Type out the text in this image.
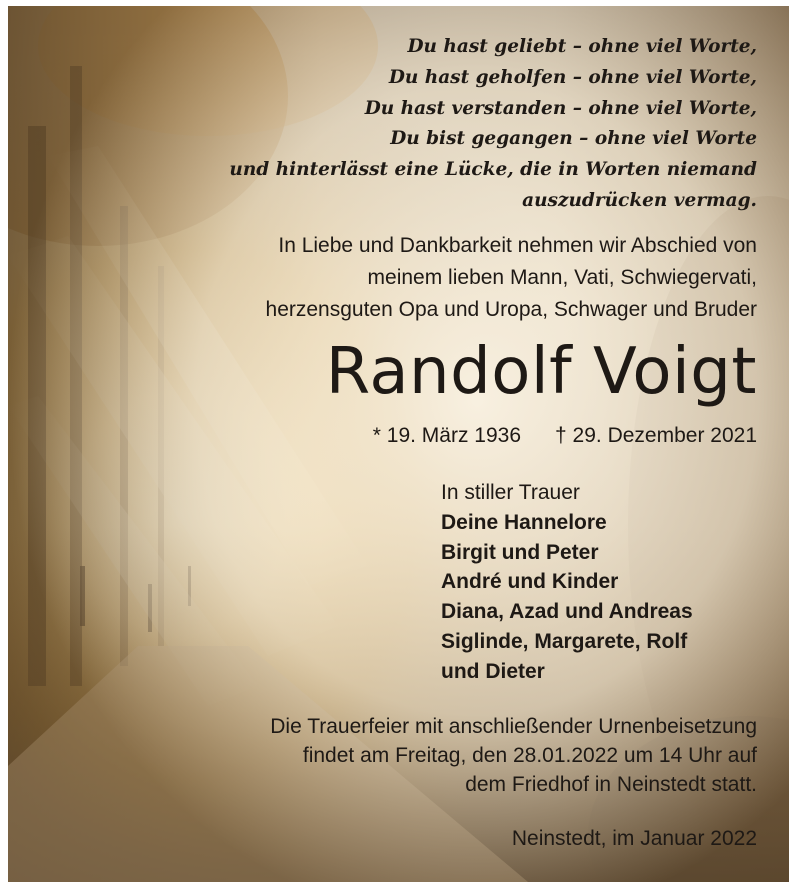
Du hast geliebt – ohne viel Worte,
Du hast geholfen – ohne viel Worte,
Du hast verstanden – ohne viel Worte,
Du bist gegangen – ohne viel Worte
und hinterlässt eine Lücke, die in Worten niemand
auszudrücken vermag.
In Liebe und Dankbarkeit nehmen wir Abschied von
meinem lieben Mann, Vati, Schwiegervati,
herzensguten Opa und Uropa, Schwager und Bruder
Randolf Voigt
* 19. März 1936 † 29. Dezember 2021
In stiller Trauer
Deine Hannelore
Birgit und Peter
André und Kinder
Diana, Azad und Andreas
Siglinde, Margarete, Rolf
und Dieter
Die Trauerfeier mit anschließender Urnenbeisetzung
findet am Freitag, den 28.01.2022 um 14 Uhr auf
dem Friedhof in Neinstedt statt.
Neinstedt, im Januar 2022
